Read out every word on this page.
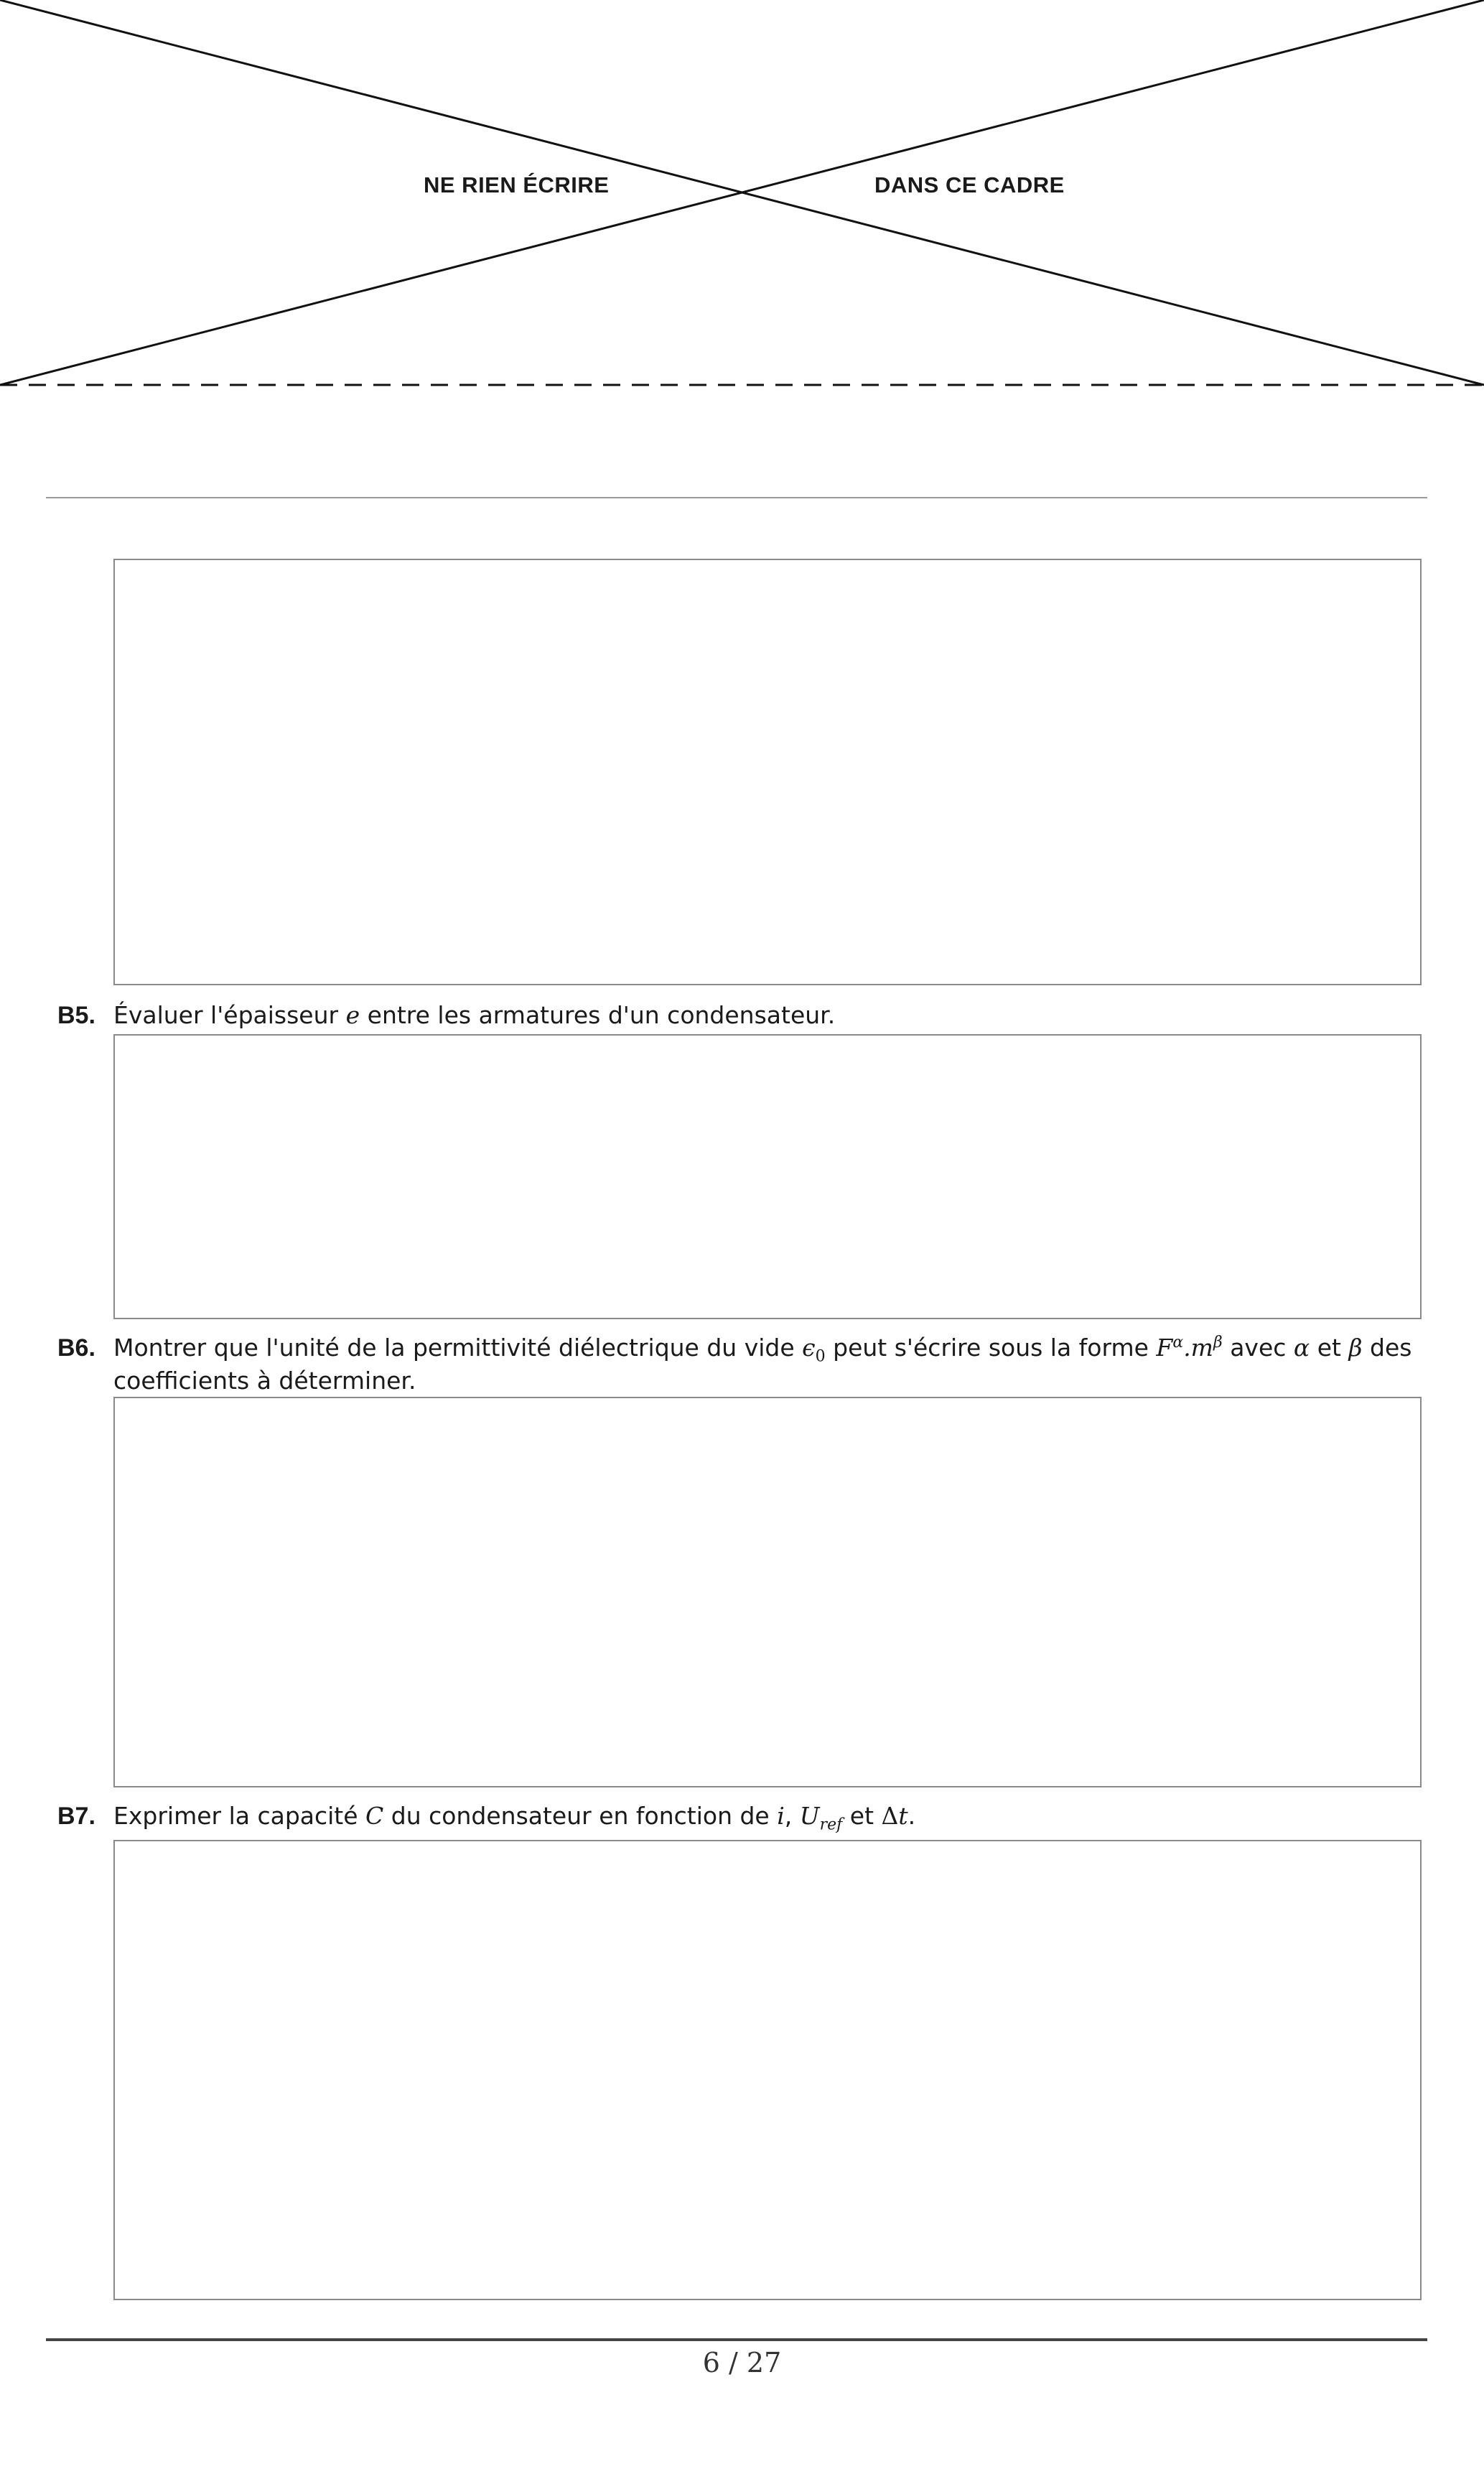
NE RIEN ÉCRIRE	DANS CE CADRE
B5. Évaluer l'épaisseur e entre les armatures d'un condensateur.
B6. Montrer que l'unité de la permittivité diélectrique du vide $\epsilon_0$ peut s'écrire sous la forme $F^\alpha.m^\beta$ avec α et β des
coefficients à déterminer.
B7. Exprimer la capacité C du condensateur en fonction de i, $U_{ref}$ et Δt.
6 / 27
